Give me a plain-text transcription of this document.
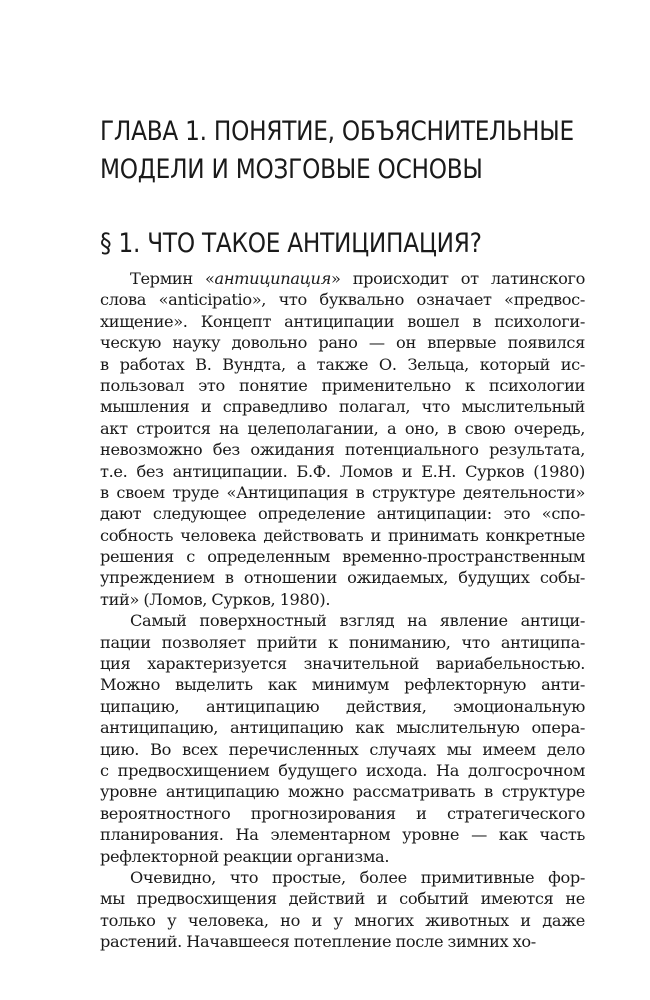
ГЛАВА 1. ПОНЯТИЕ, ОБЪЯСНИТЕЛЬНЫЕ
МОДЕЛИ И МОЗГОВЫЕ ОСНОВЫ
§ 1. ЧТО ТАКОЕ АНТИЦИПАЦИЯ?
Термин «антиципация» происходит от латинского
слова «anticipatio», что буквально означает «предвос-
хищение». Концепт антиципации вошел в психологи-
ческую науку довольно рано — он впервые появился
в работах В. Вундта, а также О. Зельца, который ис-
пользовал это понятие применительно к психологии
мышления и справедливо полагал, что мыслительный
акт строится на целеполагании, а оно, в свою очередь,
невозможно без ожидания потенциального результата,
т.е. без антиципации. Б.Ф. Ломов и Е.Н. Сурков (1980)
в своем труде «Антиципация в структуре деятельности»
дают следующее определение антиципации: это «спо-
собность человека действовать и принимать конкретные
решения с определенным временно-пространственным
упреждением в отношении ожидаемых, будущих собы-
тий» (Ломов, Сурков, 1980).
Самый поверхностный взгляд на явление антици-
пации позволяет прийти к пониманию, что антиципа-
ция характеризуется значительной вариабельностью.
Можно выделить как минимум рефлекторную анти-
ципацию, антиципацию действия, эмоциональную
антиципацию, антиципацию как мыслительную опера-
цию. Во всех перечисленных случаях мы имеем дело
с предвосхищением будущего исхода. На долгосрочном
уровне антиципацию можно рассматривать в структуре
вероятностного прогнозирования и стратегического
планирования. На элементарном уровне — как часть
рефлекторной реакции организма.
Очевидно, что простые, более примитивные фор-
мы предвосхищения действий и событий имеются не
только у человека, но и у многих животных и даже
растений. Начавшееся потепление после зимних хо-
